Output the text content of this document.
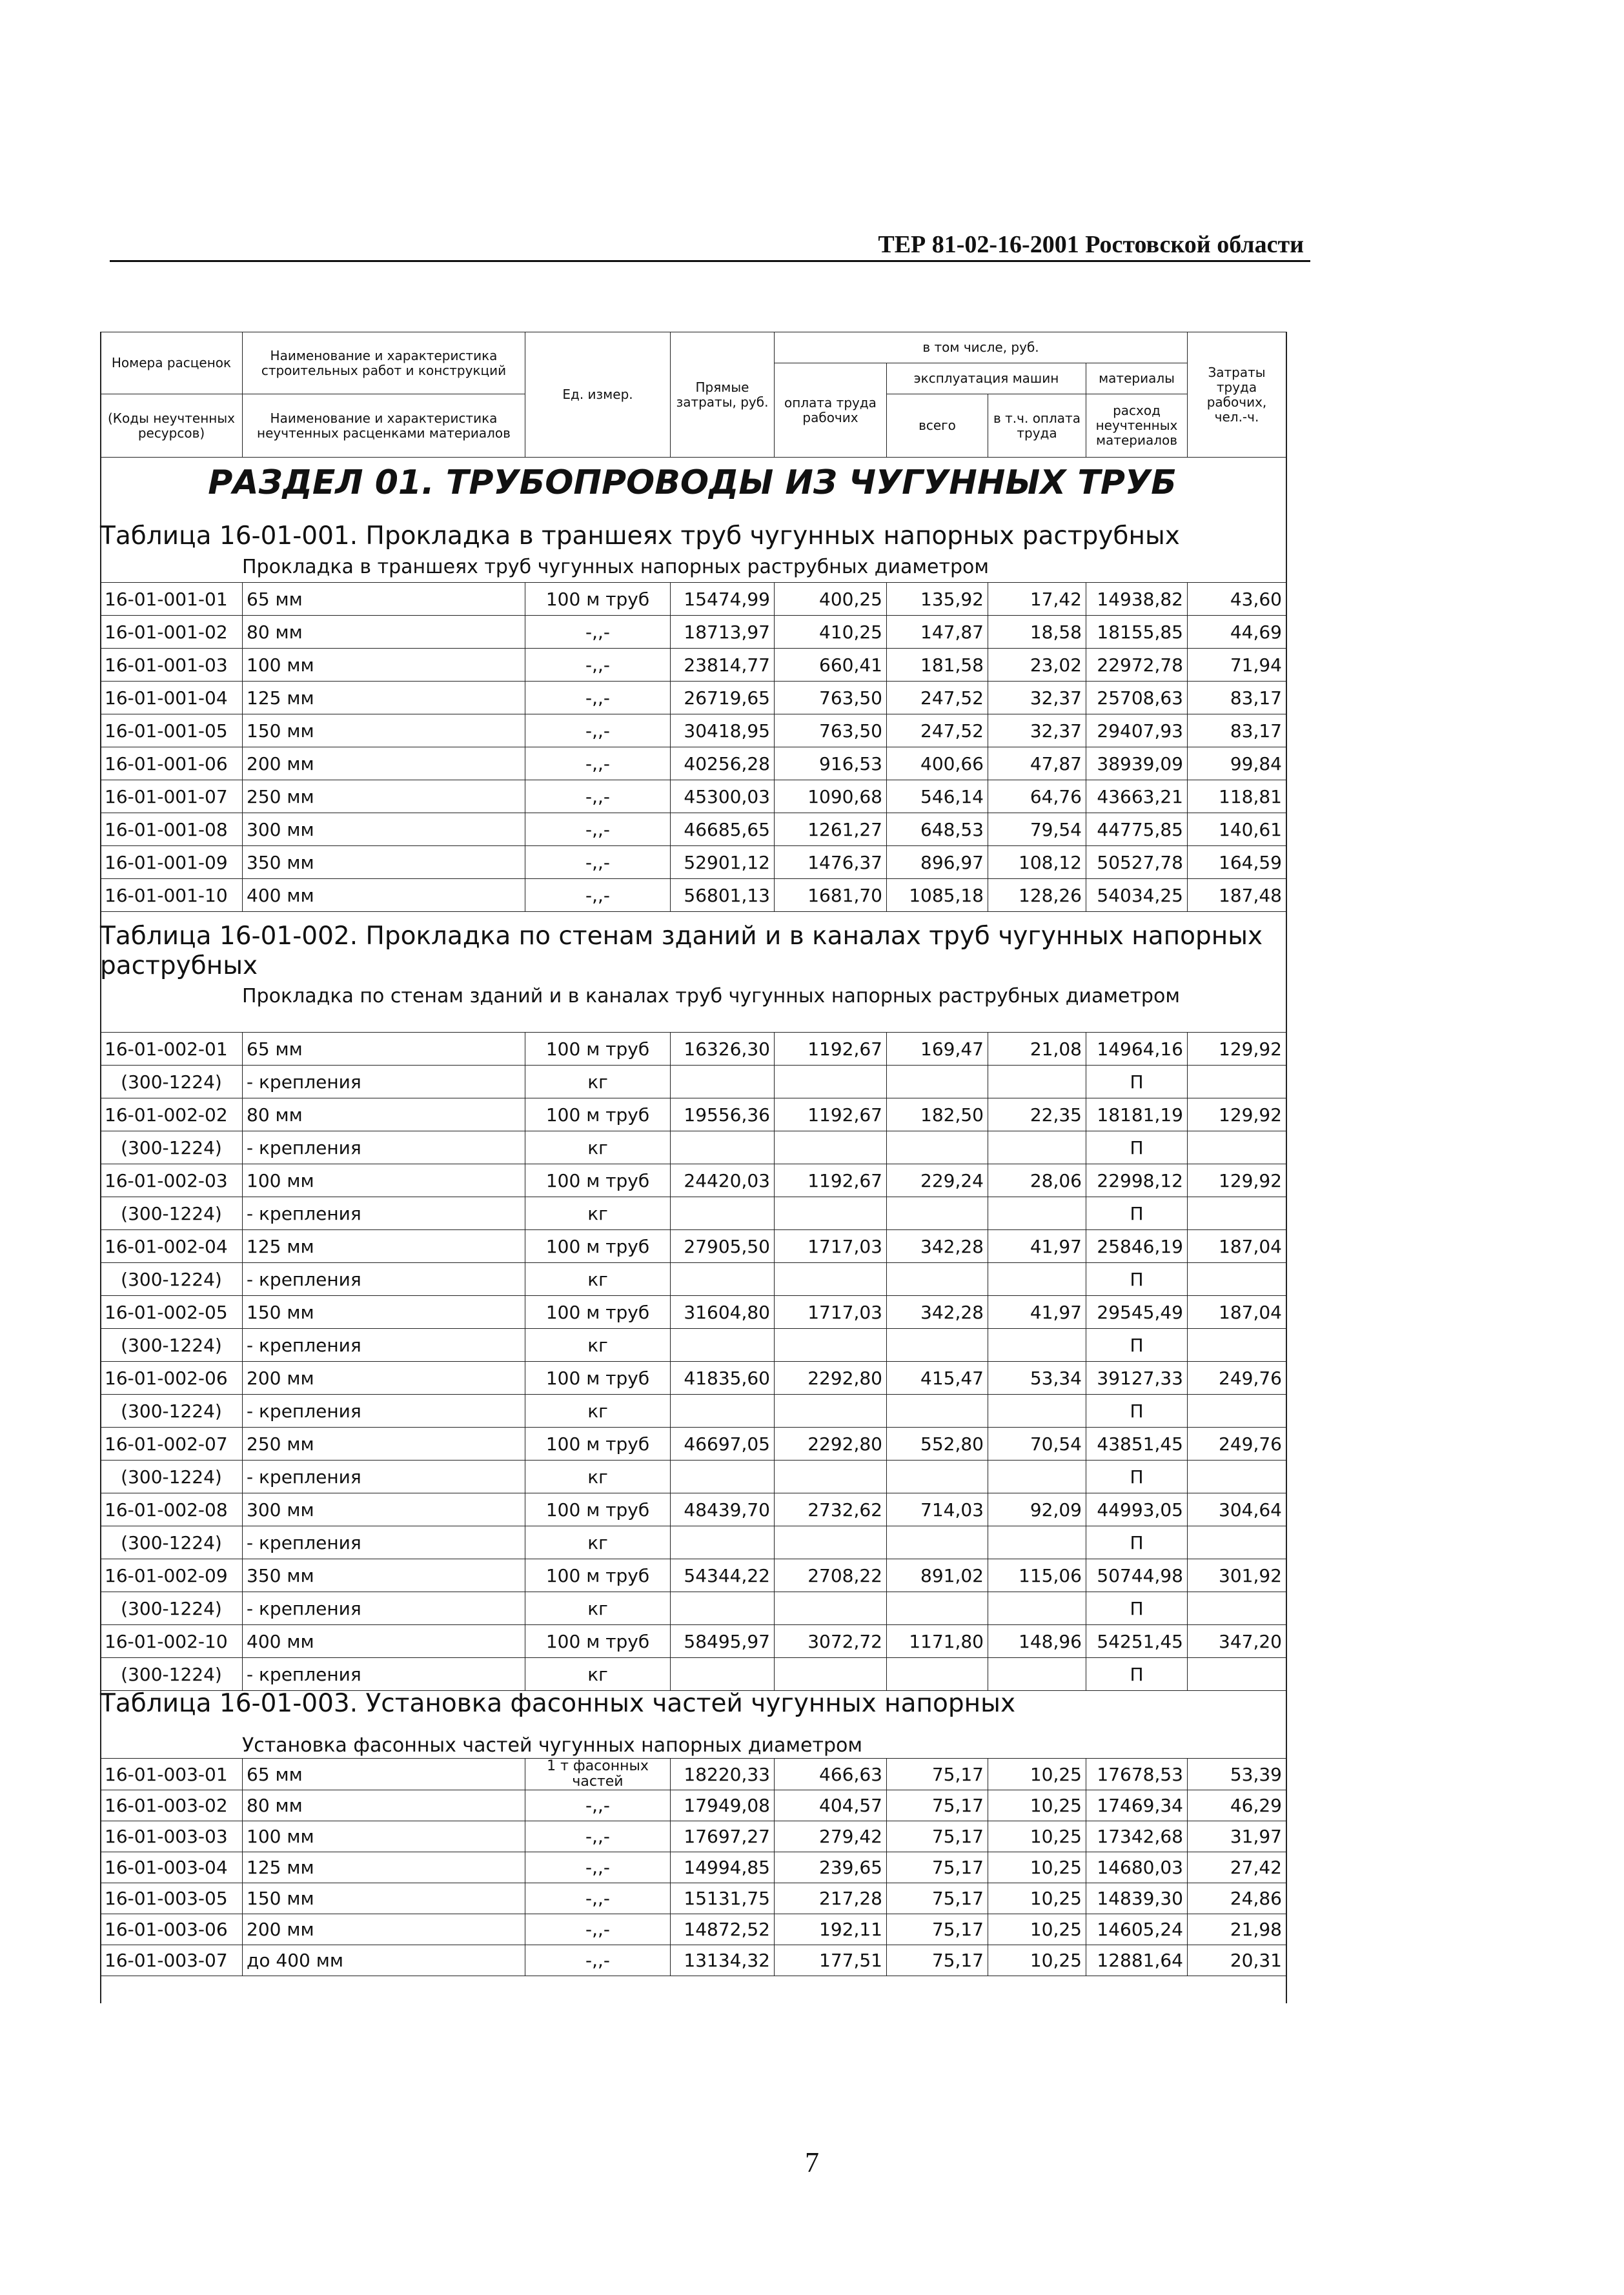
ТЕР 81-02-16-2001 Ростовской области
Номера расценок	Наименование и характеристика строительных работ и конструкций	Ед. измер.	Прямые затраты, руб.	в том числе, руб.				Затраты труда рабочих, чел.-ч.
				оплата труда рабочих	эксплуатация машин		материалы	
(Коды неучтенных ресурсов)	Наименование и характеристика неучтенных расценками материалов				всего	в т.ч. оплата труда	расход неучтенных материалов	

РАЗДЕЛ 01. ТРУБОПРОВОДЫ ИЗ ЧУГУННЫХ ТРУБ
Таблица 16-01-001. Прокладка в траншеях труб чугунных напорных раструбных
Прокладка в траншеях труб чугунных напорных раструбных диаметром
16-01-001-01	65 мм	100 м труб	15474,99	400,25	135,92	17,42	14938,82	43,60
16-01-001-02	80 мм	-,,-	18713,97	410,25	147,87	18,58	18155,85	44,69
16-01-001-03	100 мм	-,,-	23814,77	660,41	181,58	23,02	22972,78	71,94
16-01-001-04	125 мм	-,,-	26719,65	763,50	247,52	32,37	25708,63	83,17
16-01-001-05	150 мм	-,,-	30418,95	763,50	247,52	32,37	29407,93	83,17
16-01-001-06	200 мм	-,,-	40256,28	916,53	400,66	47,87	38939,09	99,84
16-01-001-07	250 мм	-,,-	45300,03	1090,68	546,14	64,76	43663,21	118,81
16-01-001-08	300 мм	-,,-	46685,65	1261,27	648,53	79,54	44775,85	140,61
16-01-001-09	350 мм	-,,-	52901,12	1476,37	896,97	108,12	50527,78	164,59
16-01-001-10	400 мм	-,,-	56801,13	1681,70	1085,18	128,26	54034,25	187,48
Таблица 16-01-002. Прокладка по стенам зданий и в каналах труб чугунных напорных раструбных
Прокладка по стенам зданий и в каналах труб чугунных напорных раструбных диаметром
16-01-002-01	65 мм	100 м труб	16326,30	1192,67	169,47	21,08	14964,16	129,92
(300-1224)	- крепления	кг					П	
16-01-002-02	80 мм	100 м труб	19556,36	1192,67	182,50	22,35	18181,19	129,92
(300-1224)	- крепления	кг					П	
16-01-002-03	100 мм	100 м труб	24420,03	1192,67	229,24	28,06	22998,12	129,92
(300-1224)	- крепления	кг					П	
16-01-002-04	125 мм	100 м труб	27905,50	1717,03	342,28	41,97	25846,19	187,04
(300-1224)	- крепления	кг					П	
16-01-002-05	150 мм	100 м труб	31604,80	1717,03	342,28	41,97	29545,49	187,04
(300-1224)	- крепления	кг					П	
16-01-002-06	200 мм	100 м труб	41835,60	2292,80	415,47	53,34	39127,33	249,76
(300-1224)	- крепления	кг					П	
16-01-002-07	250 мм	100 м труб	46697,05	2292,80	552,80	70,54	43851,45	249,76
(300-1224)	- крепления	кг					П	
16-01-002-08	300 мм	100 м труб	48439,70	2732,62	714,03	92,09	44993,05	304,64
(300-1224)	- крепления	кг					П	
16-01-002-09	350 мм	100 м труб	54344,22	2708,22	891,02	115,06	50744,98	301,92
(300-1224)	- крепления	кг					П	
16-01-002-10	400 мм	100 м труб	58495,97	3072,72	1171,80	148,96	54251,45	347,20
(300-1224)	- крепления	кг					П	
Таблица 16-01-003. Установка фасонных частей чугунных напорных
Установка фасонных частей чугунных напорных диаметром
16-01-003-01	65 мм	1 т фасонных частей	18220,33	466,63	75,17	10,25	17678,53	53,39
16-01-003-02	80 мм	-,,-	17949,08	404,57	75,17	10,25	17469,34	46,29
16-01-003-03	100 мм	-,,-	17697,27	279,42	75,17	10,25	17342,68	31,97
16-01-003-04	125 мм	-,,-	14994,85	239,65	75,17	10,25	14680,03	27,42
16-01-003-05	150 мм	-,,-	15131,75	217,28	75,17	10,25	14839,30	24,86
16-01-003-06	200 мм	-,,-	14872,52	192,11	75,17	10,25	14605,24	21,98
16-01-003-07	до 400 мм	-,,-	13134,32	177,51	75,17	10,25	12881,64	20,31
7
